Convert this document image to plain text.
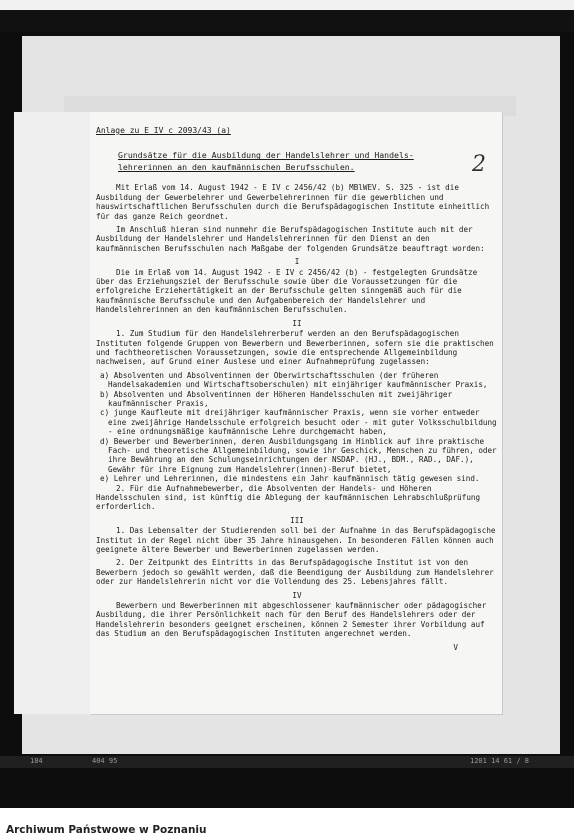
2
Anlage zu E IV c 2093/43 (a)
Grundsätze für die Ausbildung der Handelslehrer und Handels-
lehrerinnen an den kaufmännischen Berufsschulen.

Mit Erlaß vom 14. August 1942 - E IV c 2456/42 (b) MBlWEV. S. 325 - ist die Ausbildung der Gewerbelehrer und Gewerbelehrerinnen für die gewerblichen und hauswirtschaftlichen Berufsschulen durch die Berufspädagogischen Institute einheitlich für das ganze Reich geordnet.

Im Anschluß hieran sind nunmehr die Berufspädagogischen Institute auch mit der Ausbildung der Handelslehrer und Handelslehrerinnen für den Dienst an den kaufmännischen Berufsschulen nach Maßgabe der folgenden Grundsätze beauftragt worden:

I

Die im Erlaß vom 14. August 1942 - E IV c 2456/42 (b) - festgelegten Grundsätze über das Erziehungsziel der Berufsschule sowie über die Voraussetzungen für die erfolgreiche Erziehertätigkeit an der Berufsschule gelten sinngemäß auch für die kaufmännische Berufsschule und den Aufgabenbereich der Handelslehrer und Handelslehrerinnen an den kaufmännischen Berufsschulen.

II

1. Zum Studium für den Handelslehrerberuf werden an den Berufspädagogischen Instituten folgende Gruppen von Bewerbern und Bewerberinnen, sofern sie die praktischen und fachtheoretischen Voraussetzungen, sowie die entsprechende Allgemeinbildung nachweisen, auf Grund einer Auslese und einer Aufnahmeprüfung zugelassen:

a) Absolventen und Absolventinnen der Oberwirtschaftsschulen (der früheren Handelsakademien und Wirtschaftsoberschulen) mit einjähriger kaufmännischer Praxis,

b) Absolventen und Absolventinnen der Höheren Handelsschulen mit zweijähriger kaufmännischer Praxis,

c) junge Kaufleute mit dreijähriger kaufmännischer Praxis, wenn sie vorher entweder eine zweijährige Handelsschule erfolgreich besucht oder - mit guter Volksschulbildung - eine ordnungsmäßige kaufmännische Lehre durchgemacht haben,

d) Bewerber und Bewerberinnen, deren Ausbildungsgang im Hinblick auf ihre praktische Fach- und theoretische Allgemeinbildung, sowie ihr Geschick, Menschen zu führen, oder ihre Bewährung an den Schulungseinrichtungen der NSDAP. (HJ., BDM., RAD., DAF.), Gewähr für ihre Eignung zum Handelslehrer(innen)-Beruf bietet,

e) Lehrer und Lehrerinnen, die mindestens ein Jahr kaufmännisch tätig gewesen sind.

2. Für die Aufnahmebewerber, die Absolventen der Handels- und Höheren Handelsschulen sind, ist künftig die Ablegung der kaufmännischen Lehrabschlußprüfung erforderlich.

III

1. Das Lebensalter der Studierenden soll bei der Aufnahme in das Berufspädagogische Institut in der Regel nicht über 35 Jahre hinausgehen. In besonderen Fällen können auch geeignete ältere Bewerber und Bewerberinnen zugelassen werden.

2. Der Zeitpunkt des Eintritts in das Berufspädagogische Institut ist von den Bewerbern jedoch so gewählt werden, daß die Beendigung der Ausbildung zum Handelslehrer oder zur Handelslehrerin nicht vor die Vollendung des 25. Lebensjahres fällt.

IV

Bewerbern und Bewerberinnen mit abgeschlossener kaufmännischer oder pädagogischer Ausbildung, die ihrer Persönlichkeit nach für den Beruf des Handelslehrers oder der Handelslehrerin besonders geeignet erscheinen, können 2 Semester ihrer Vorbildung auf das Studium an den Berufspädagogischen Instituten angerechnet werden.

V
184	404 95	1201 14 61 / 8
Archiwum Państwowe w Poznaniu
